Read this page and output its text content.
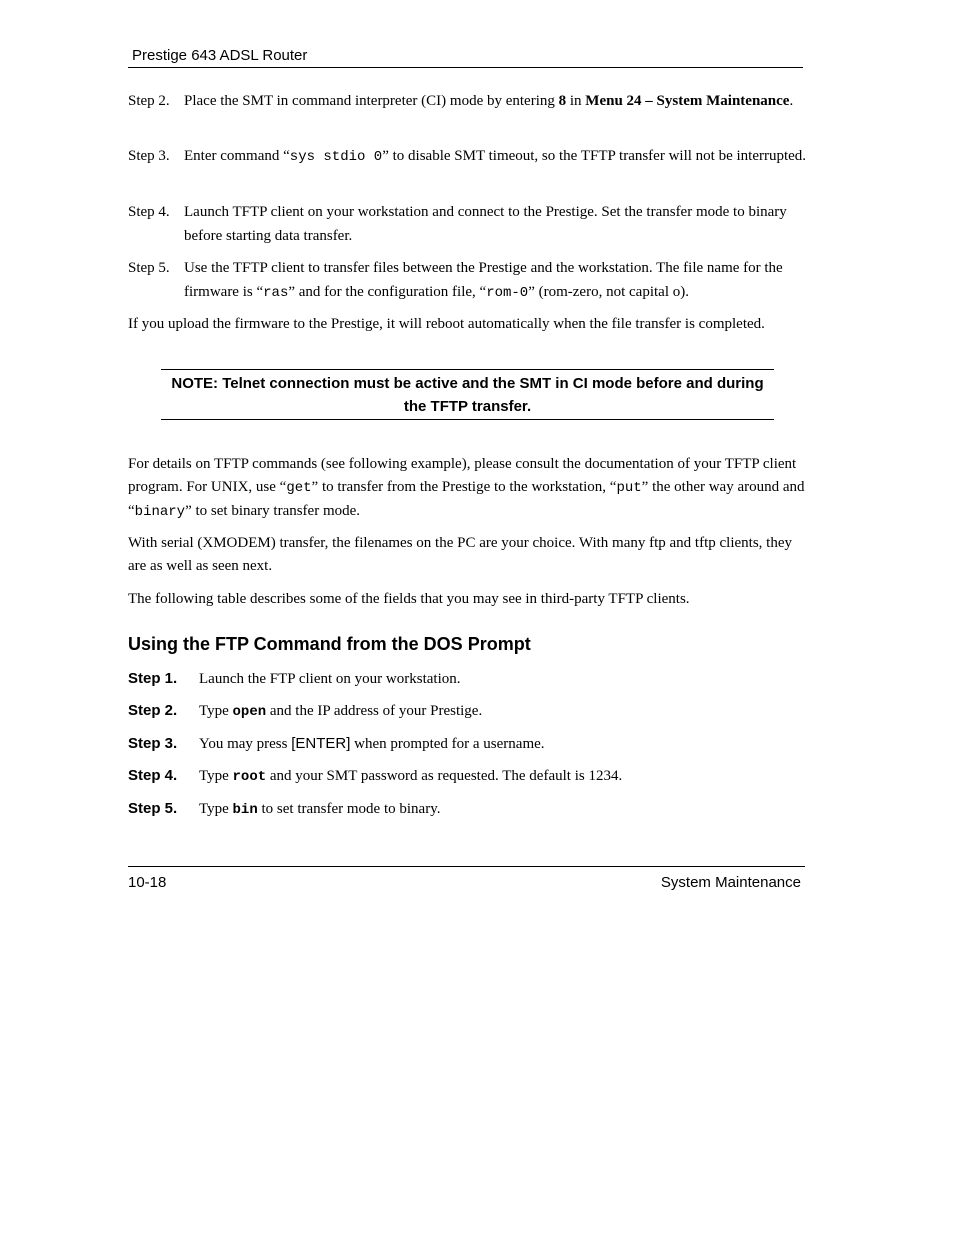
Prestige 643 ADSL Router
Step 2. Place the SMT in command interpreter (CI) mode by entering 8 in Menu 24 – System Maintenance.
Step 3. Enter command “sys stdio 0” to disable SMT timeout, so the TFTP transfer will not be interrupted.
Step 4. Launch TFTP client on your workstation and connect to the Prestige. Set the transfer mode to binary before starting data transfer.
Step 5. Use the TFTP client to transfer files between the Prestige and the workstation. The file name for the firmware is “ras” and for the configuration file, “rom-0” (rom-zero, not capital o).
If you upload the firmware to the Prestige, it will reboot automatically when the file transfer is completed.
NOTE: Telnet connection must be active and the SMT in CI mode before and during the TFTP transfer.
For details on TFTP commands (see following example), please consult the documentation of your TFTP client program. For UNIX, use “get” to transfer from the Prestige to the workstation, “put” the other way around and “binary” to set binary transfer mode.
With serial (XMODEM) transfer, the filenames on the PC are your choice. With many ftp and tftp clients, they are as well as seen next.
The following table describes some of the fields that you may see in third-party TFTP clients.
Using the FTP Command from the DOS Prompt
Step 1. Launch the FTP client on your workstation.
Step 2. Type open and the IP address of your Prestige.
Step 3. You may press [ENTER] when prompted for a username.
Step 4. Type root and your SMT password as requested. The default is 1234.
Step 5. Type bin to set transfer mode to binary.
10-18	System Maintenance
